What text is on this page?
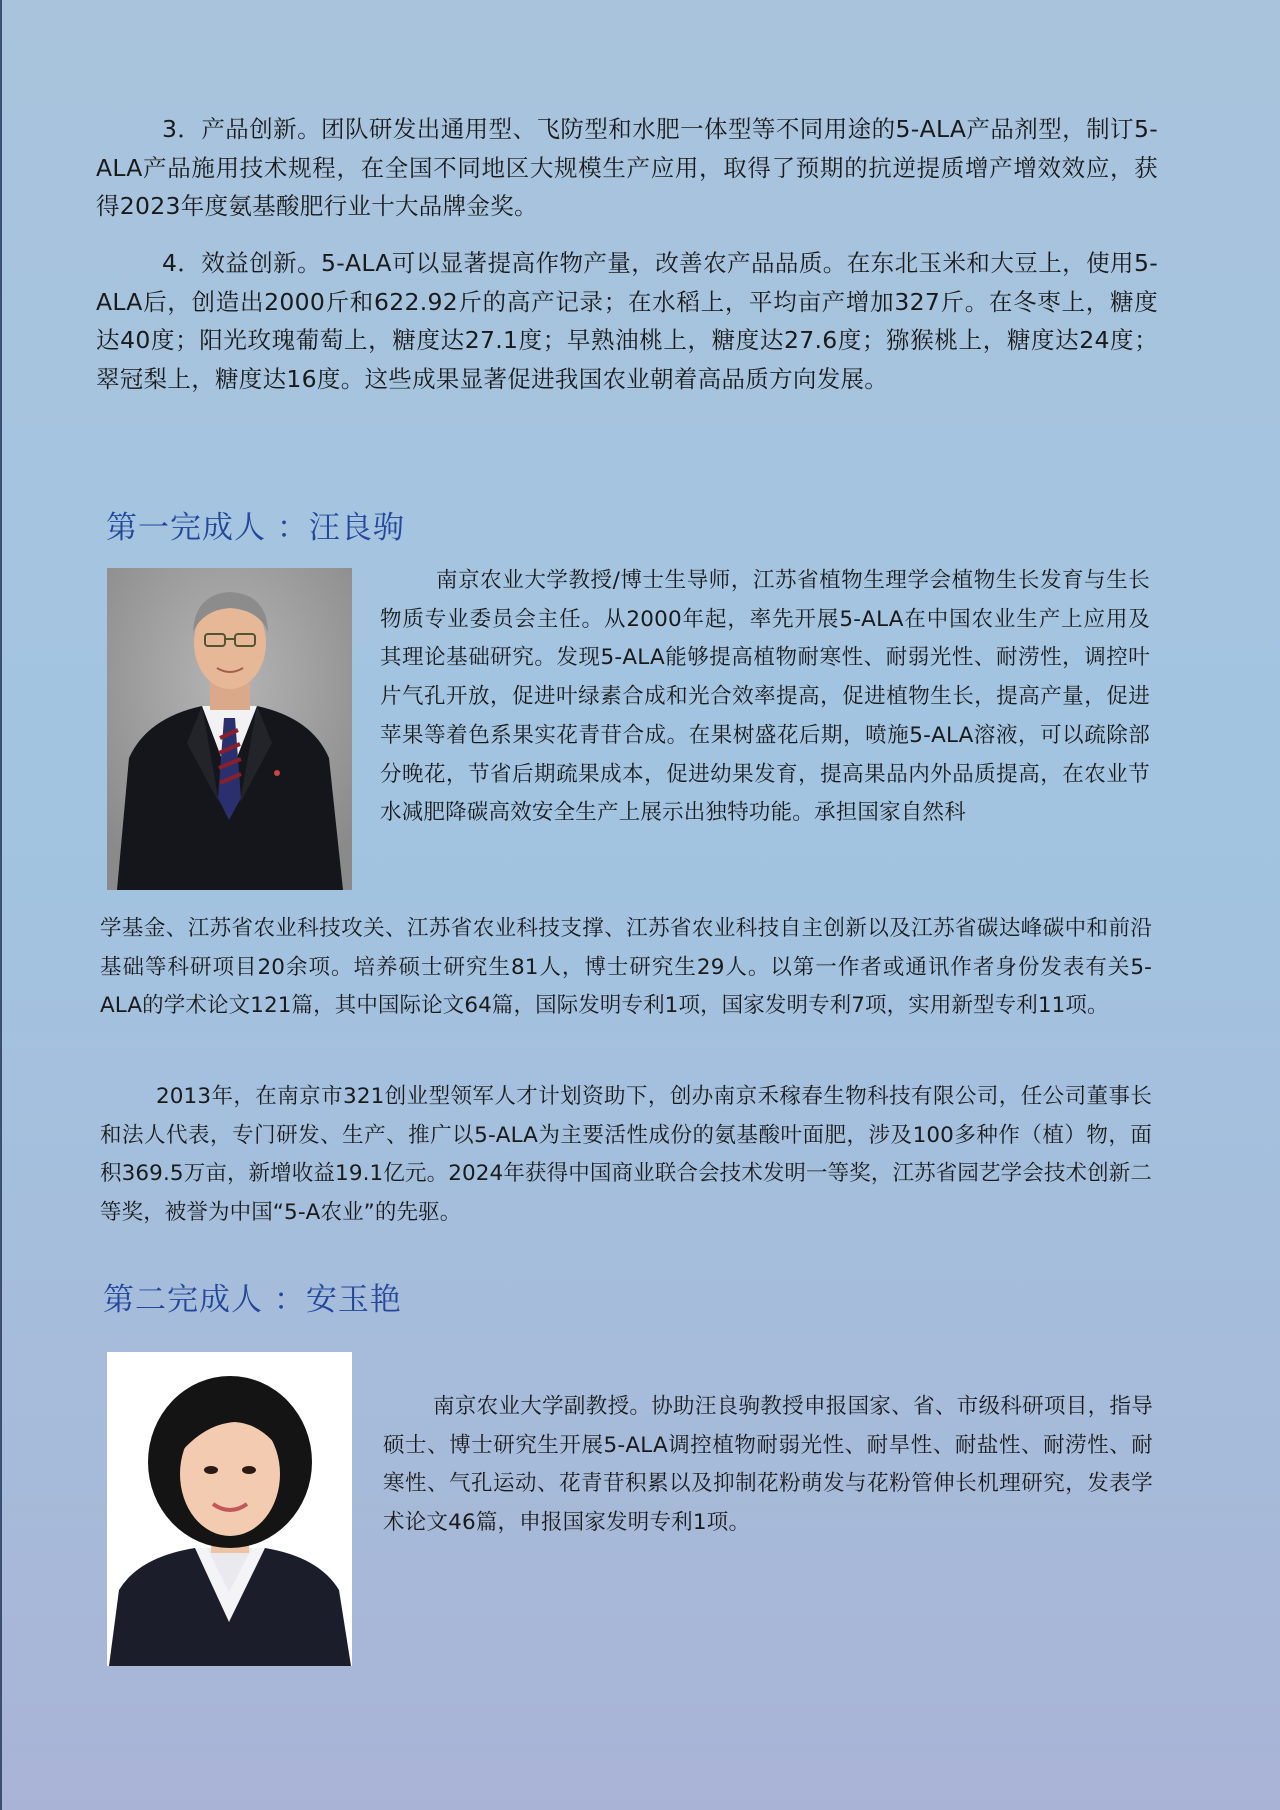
3．产品创新。团队研发出通用型、飞防型和水肥一体型等不同用途的5-ALA产品剂型，制订5-ALA产品施用技术规程，在全国不同地区大规模生产应用，取得了预期的抗逆提质增产增效效应，获得2023年度氨基酸肥行业十大品牌金奖。

4．效益创新。5-ALA可以显著提高作物产量，改善农产品品质。在东北玉米和大豆上，使用5-ALA后，创造出2000斤和622.92斤的高产记录；在水稻上，平均亩产增加327斤。在冬枣上，糖度达40度；阳光玫瑰葡萄上，糖度达27.1度；早熟油桃上，糖度达27.6度；猕猴桃上，糖度达24度；翠冠梨上，糖度达16度。这些成果显著促进我国农业朝着高品质方向发展。

第一完成人 ：汪良驹

南京农业大学教授/博士生导师，江苏省植物生理学会植物生长发育与生长物质专业委员会主任。从2000年起，率先开展5-ALA在中国农业生产上应用及其理论基础研究。发现5-ALA能够提高植物耐寒性、耐弱光性、耐涝性，调控叶片气孔开放，促进叶绿素合成和光合效率提高，促进植物生长，提高产量，促进苹果等着色系果实花青苷合成。在果树盛花后期，喷施5-ALA溶液，可以疏除部分晚花，节省后期疏果成本，促进幼果发育，提高果品内外品质提高，在农业节水减肥降碳高效安全生产上展示出独特功能。承担国家自然科

学基金、江苏省农业科技攻关、江苏省农业科技支撑、江苏省农业科技自主创新以及江苏省碳达峰碳中和前沿基础等科研项目20余项。培养硕士研究生81人，博士研究生29人。以第一作者或通讯作者身份发表有关5-ALA的学术论文121篇，其中国际论文64篇，国际发明专利1项，国家发明专利7项，实用新型专利11项。

2013年，在南京市321创业型领军人才计划资助下，创办南京禾稼春生物科技有限公司，任公司董事长和法人代表，专门研发、生产、推广以5-ALA为主要活性成份的氨基酸叶面肥，涉及100多种作（植）物，面积369.5万亩，新增收益19.1亿元。2024年获得中国商业联合会技术发明一等奖，江苏省园艺学会技术创新二等奖，被誉为中国“5-A农业”的先驱。

第二完成人 ：安玉艳

南京农业大学副教授。协助汪良驹教授申报国家、省、市级科研项目，指导硕士、博士研究生开展5-ALA调控植物耐弱光性、耐旱性、耐盐性、耐涝性、耐寒性、气孔运动、花青苷积累以及抑制花粉萌发与花粉管伸长机理研究，发表学术论文46篇，申报国家发明专利1项。
